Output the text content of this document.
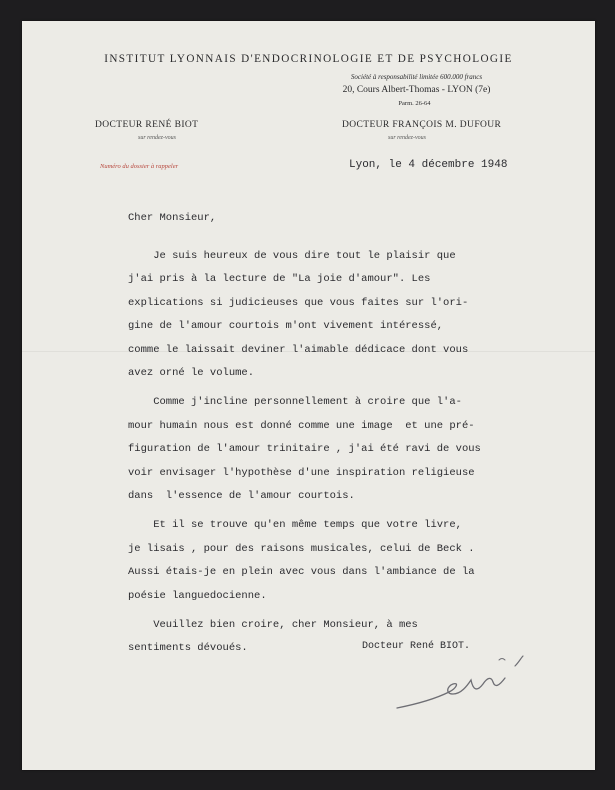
INSTITUT LYONNAIS D'ENDOCRINOLOGIE ET DE PSYCHOLOGIE
Société à responsabilité limitée 600.000 francs
20, Cours Albert-Thomas - LYON (7e)
Parm. 26-64
DOCTEUR RENÉ BIOT
sur rendez-vous
DOCTEUR FRANÇOIS M. DUFOUR
sur rendez-vous
Numéro du dossier à rappeler	Lyon, le 4 décembre 1948
Cher Monsieur,
Je suis heureux de vous dire tout le plaisir que
j'ai pris à la lecture de "La joie d'amour". Les
explications si judicieuses que vous faites sur l'ori-
gine de l'amour courtois m'ont vivement intéressé,
comme le laissait deviner l'aimable dédicace dont vous
avez orné le volume.
Comme j'incline personnellement à croire que l'a-
mour humain nous est donné comme une image  et une pré-
figuration de l'amour trinitaire , j'ai été ravi de vous
voir envisager l'hypothèse d'une inspiration religieuse
dans  l'essence de l'amour courtois.
Et il se trouve qu'en même temps que votre livre,
je lisais , pour des raisons musicales, celui de Beck .
Aussi étais-je en plein avec vous dans l'ambiance de la
poésie languedocienne.
Veuillez bien croire, cher Monsieur, à mes
sentiments dévoués.	Docteur René BIOT.
